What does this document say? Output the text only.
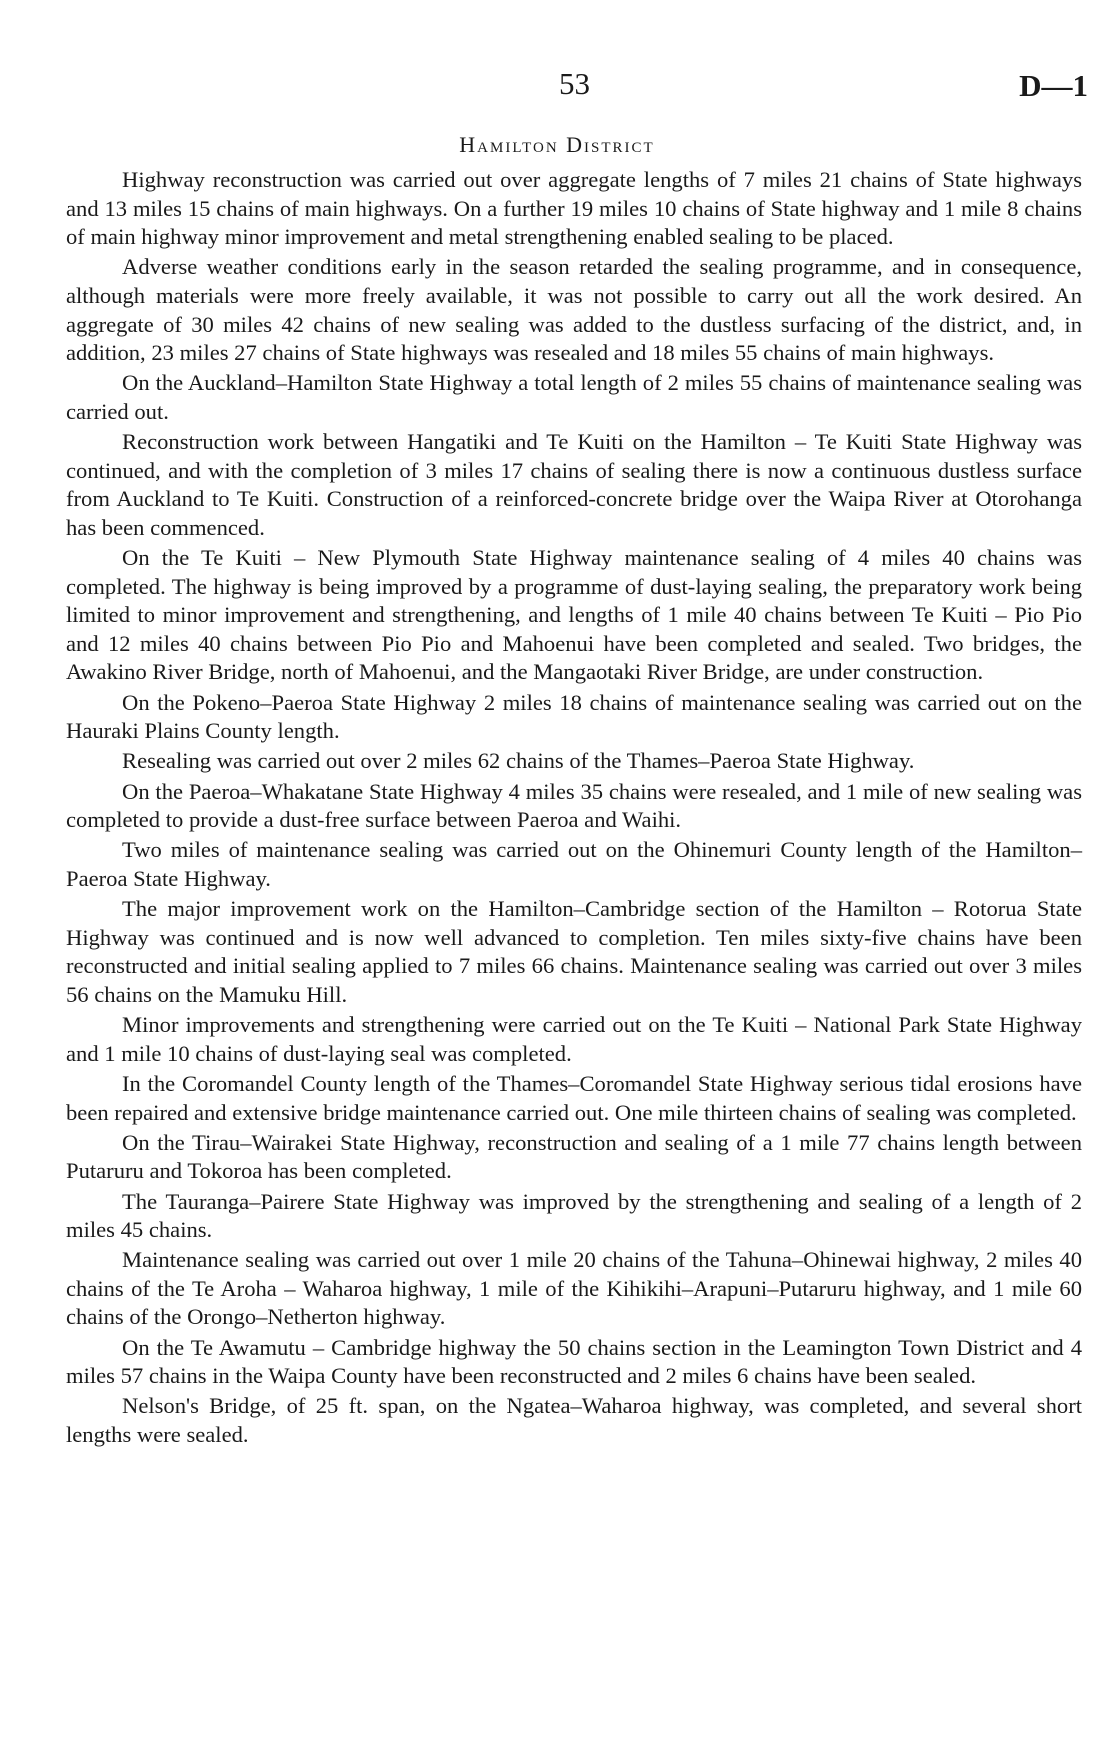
53	D—1
Hamilton District

Highway reconstruction was carried out over aggregate lengths of 7 miles 21 chains of State highways and 13 miles 15 chains of main highways. On a further 19 miles 10 chains of State highway and 1 mile 8 chains of main highway minor improvement and metal strengthening enabled sealing to be placed.

Adverse weather conditions early in the season retarded the sealing programme, and in consequence, although materials were more freely available, it was not possible to carry out all the work desired. An aggregate of 30 miles 42 chains of new sealing was added to the dustless surfacing of the district, and, in addition, 23 miles 27 chains of State highways was resealed and 18 miles 55 chains of main highways.

On the Auckland–Hamilton State Highway a total length of 2 miles 55 chains of maintenance sealing was carried out.

Reconstruction work between Hangatiki and Te Kuiti on the Hamilton – Te Kuiti State Highway was continued, and with the completion of 3 miles 17 chains of sealing there is now a continuous dustless surface from Auckland to Te Kuiti. Construction of a reinforced-concrete bridge over the Waipa River at Otorohanga has been commenced.

On the Te Kuiti – New Plymouth State Highway maintenance sealing of 4 miles 40 chains was completed. The highway is being improved by a programme of dust-laying sealing, the preparatory work being limited to minor improvement and strengthening, and lengths of 1 mile 40 chains between Te Kuiti – Pio Pio and 12 miles 40 chains between Pio Pio and Mahoenui have been completed and sealed. Two bridges, the Awakino River Bridge, north of Mahoenui, and the Mangaotaki River Bridge, are under construction.

On the Pokeno–Paeroa State Highway 2 miles 18 chains of maintenance sealing was carried out on the Hauraki Plains County length.

Resealing was carried out over 2 miles 62 chains of the Thames–Paeroa State Highway.

On the Paeroa–Whakatane State Highway 4 miles 35 chains were resealed, and 1 mile of new sealing was completed to provide a dust-free surface between Paeroa and Waihi.

Two miles of maintenance sealing was carried out on the Ohinemuri County length of the Hamilton–Paeroa State Highway.

The major improvement work on the Hamilton–Cambridge section of the Hamilton – Rotorua State Highway was continued and is now well advanced to completion. Ten miles sixty-five chains have been reconstructed and initial sealing applied to 7 miles 66 chains. Maintenance sealing was carried out over 3 miles 56 chains on the Mamuku Hill.

Minor improvements and strengthening were carried out on the Te Kuiti – National Park State Highway and 1 mile 10 chains of dust-laying seal was completed.

In the Coromandel County length of the Thames–Coromandel State Highway serious tidal erosions have been repaired and extensive bridge maintenance carried out. One mile thirteen chains of sealing was completed.

On the Tirau–Wairakei State Highway, reconstruction and sealing of a 1 mile 77 chains length between Putaruru and Tokoroa has been completed.

The Tauranga–Pairere State Highway was improved by the strengthening and sealing of a length of 2 miles 45 chains.

Maintenance sealing was carried out over 1 mile 20 chains of the Tahuna–Ohinewai highway, 2 miles 40 chains of the Te Aroha – Waharoa highway, 1 mile of the Kihikihi–Arapuni–Putaruru highway, and 1 mile 60 chains of the Orongo–Netherton highway.

On the Te Awamutu – Cambridge highway the 50 chains section in the Leamington Town District and 4 miles 57 chains in the Waipa County have been reconstructed and 2 miles 6 chains have been sealed.

Nelson's Bridge, of 25 ft. span, on the Ngatea–Waharoa highway, was completed, and several short lengths were sealed.
